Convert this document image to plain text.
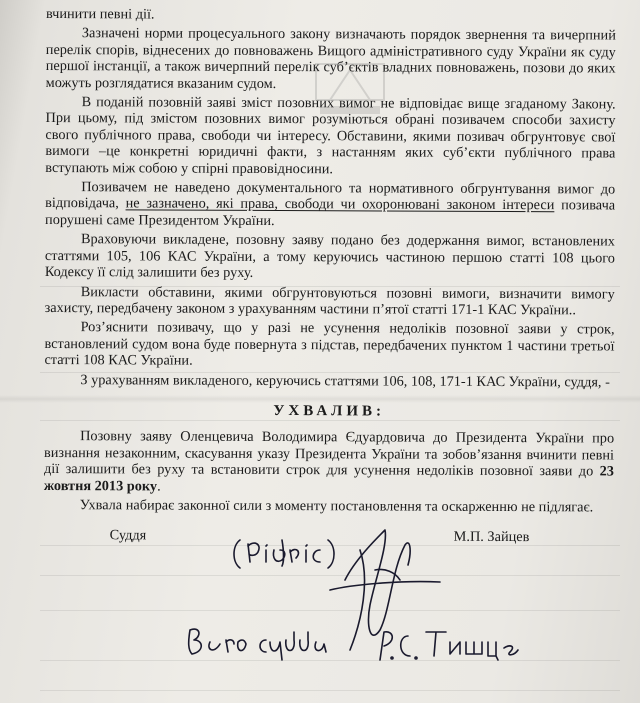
вчинити певні дії.

Зазначені норми процесуального закону визначають порядок звернення та вичерпний перелік спорів, віднесених до повноважень Вищого адміністративного суду України як суду першої інстанції, а також вичерпний перелік суб’єктів владних повноважень, позови до яких можуть розглядатися вказаним судом.

В поданій позовній заяві зміст позовних вимог не відповідає вище згаданому Закону. При цьому, під змістом позовних вимог розуміються обрані позивачем способи захисту свого публічного права, свободи чи інтересу. Обставини, якими позивач обгрунтовує свої вимоги –це конкретні юридичні факти, з настанням яких суб’єкти публічного права вступають між собою у спірні правовідносини.

Позивачем не наведено документального та нормативного обгрунтування вимог до відповідача, не зазначено, які права, свободи чи охоронювані законом інтереси позивача порушені саме Президентом України.

Враховуючи викладене, позовну заяву подано без додержання вимог, встановлених статтями 105, 106 КАС України, а тому керуючись частиною першою статті 108 цього Кодексу її слід залишити без руху.

Викласти обставини, якими обгрунтовуються позовні вимоги, визначити вимогу захисту, передбачену законом з урахуванням частини п’ятої статті 171-1 КАС України..

Роз’яснити позивачу, що у разі не усунення недоліків позовної заяви у строк, встановлений судом вона буде повернута з підстав, передбачених пунктом 1 частини третьої статті 108 КАС України.

З урахуванням викладеного, керуючись статтями 106, 108, 171-1 КАС України, суддя, -

УХВАЛИВ:

Позовну заяву Оленцевича Володимира Єдуардовича до Президента України про визнання незаконним, скасування указу Президента України та зобов’язання вчинити певні дії залишити без руху та встановити строк для усунення недоліків позовної заяви до 23 жовтня 2013 року.

Ухвала набирає законної сили з моменту постановлення та оскарженню не підлягає.

Суддя	М.П. Зайцев
